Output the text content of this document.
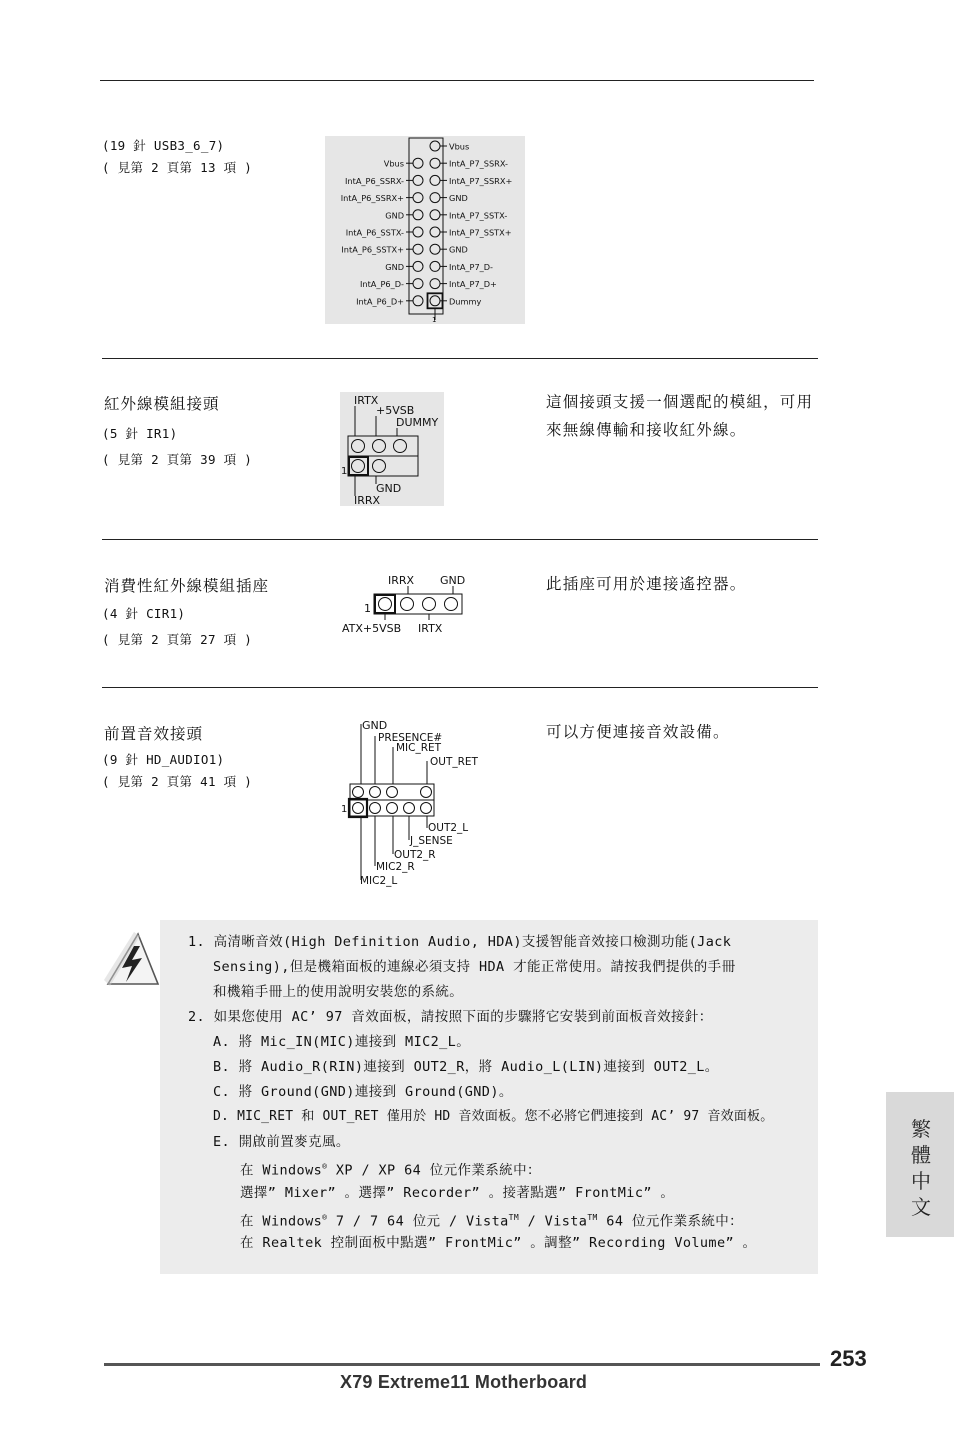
(19 針 USB3_6_7)
( 見第 2 頁第 13 項 )
Vbus
IntA_P7_SSRX-
Vbus
IntA_P7_SSRX+
IntA_P6_SSRX-
GND
IntA_P6_SSRX+
IntA_P7_SSTX-
GND
IntA_P7_SSTX+
IntA_P6_SSTX-
GND
IntA_P6_SSTX+
IntA_P7_D-
GND
IntA_P7_D+
IntA_P6_D-
Dummy
IntA_P6_D+
1
紅外線模組接頭
(5 針 IR1)
( 見第 2 頁第 39 項 )
這個接頭支援一個選配的模組，可用來無線傳輸和接收紅外線。
IRTX
+5VSB
DUMMY
1
GND
IRRX
消費性紅外線模組插座
(4 針 CIR1)
( 見第 2 頁第 27 項 )
此插座可用於連接遙控器。
IRRX GND
1
ATX+5VSB IRTX
前置音效接頭
(9 針 HD_AUDIO1)
( 見第 2 頁第 41 項 )
可以方便連接音效設備。
GND
PRESENCE#
MIC_RET
OUT_RET
1
OUT2_L
J_SENSE
OUT2_R
MIC2_R
MIC2_L
1. 高清晰音效(High Definition Audio, HDA)支援智能音效接口檢測功能(Jack
Sensing),但是機箱面板的連線必須支持 HDA 才能正常使用。請按我們提供的手冊
和機箱手冊上的使用說明安裝您的系統。
2. 如果您使用 AC’ 97 音效面板，請按照下面的步驟將它安裝到前面板音效接針：
A. 將 Mic_IN(MIC)連接到 MIC2_L。
B. 將 Audio_R(RIN)連接到 OUT2_R，將 Audio_L(LIN)連接到 OUT2_L。
C. 將 Ground(GND)連接到 Ground(GND)。
D. MIC_RET 和 OUT_RET 僅用於 HD 音效面板。您不必將它們連接到 AC’ 97 音效面板。
E. 開啟前置麥克風。
在 Windows® XP / XP 64 位元作業系統中：
選擇” Mixer” 。選擇” Recorder” 。接著點選” FrontMic” 。
在 Windows® 7 / 7 64 位元 / Vista™ / Vista™ 64 位元作業系統中：
在 Realtek 控制面板中點選” FrontMic” 。調整” Recording Volume” 。
繁
體
中
文
253
X79 Extreme11 Motherboard
